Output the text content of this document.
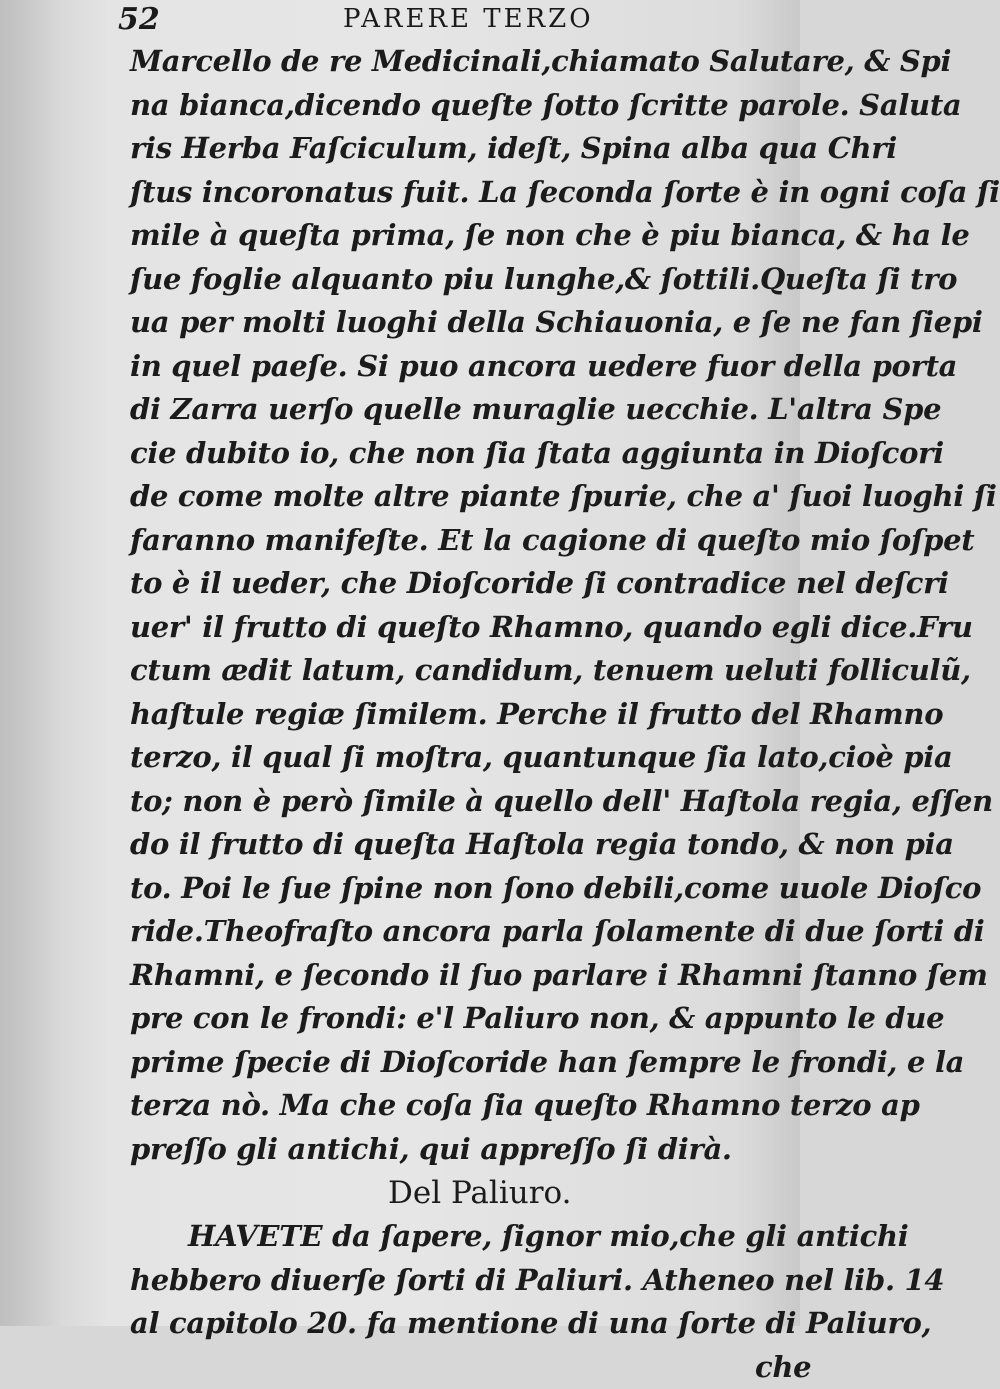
52	PARERE TERZO
Marcello de re Medicinali,chiamato Salutare, & Spi
na bianca,dicendo queſte ſotto ſcritte parole. Saluta
ris Herba Faſciculum, ideſt, Spina alba qua Chri
ſtus incoronatus fuit. La ſeconda ſorte è in ogni coſa ſi
mile à queſta prima, ſe non che è piu bianca, & ha le
ſue foglie alquanto piu lunghe,& ſottili.Queſta ſi tro
ua per molti luoghi della Schiauonia, e ſe ne fan ſiepi
in quel paeſe. Si puo ancora uedere fuor della porta
di Zarra uerſo quelle muraglie uecchie. L'altra Spe
cie dubito io, che non ſia ſtata aggiunta in Dioſcori
de come molte altre piante ſpurie, che a' ſuoi luoghi ſi
faranno manifeſte. Et la cagione di queſto mio ſoſpet
to è il ueder, che Dioſcoride ſi contradice nel deſcri
uer' il frutto di queſto Rhamno, quando egli dice.Fru
ctum ædit latum, candidum, tenuem ueluti folliculũ,
haſtule regiæ ſimilem. Perche il frutto del Rhamno
terzo, il qual ſi moſtra, quantunque ſia lato,cioè pia
to; non è però ſimile à quello dell' Haſtola regia, eſſen
do il frutto di queſta Haſtola regia tondo, & non pia
to. Poi le ſue ſpine non ſono debili,come uuole Dioſco
ride.Theofraſto ancora parla ſolamente di due ſorti di
Rhamni, e ſecondo il ſuo parlare i Rhamni ſtanno ſem
pre con le frondi: e'l Paliuro non, & appunto le due
prime ſpecie di Dioſcoride han ſempre le frondi, e la
terza nò. Ma che coſa ſia queſto Rhamno terzo ap
preſſo gli antichi, qui appreſſo ſi dirà.
Del Paliuro.
HAVETE da ſapere, ſignor mio,che gli antichi
hebbero diuerſe ſorti di Paliuri. Atheneo nel lib. 14
al capitolo 20. fa mentione di una ſorte di Paliuro,
che
